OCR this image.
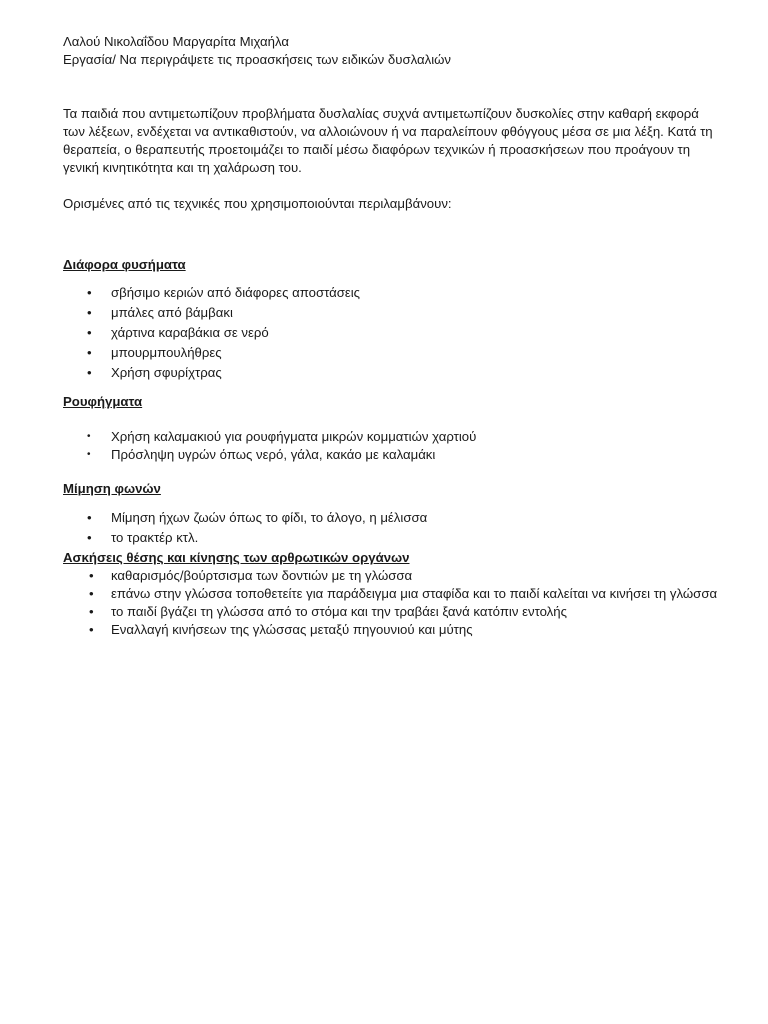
Λαλού Νικολαΐδου Μαργαρίτα Μιχαήλα

Εργασία/ Να περιγράψετε τις προασκήσεις των ειδικών δυσλαλιών

Τα παιδιά που αντιμετωπίζουν προβλήματα δυσλαλίας συχνά αντιμετωπίζουν δυσκολίες στην καθαρή εκφορά των λέξεων, ενδέχεται να αντικαθιστούν, να αλλοιώνουν ή να παραλείπουν φθόγγους μέσα σε μια λέξη. Κατά τη θεραπεία, ο θεραπευτής προετοιμάζει το παιδί μέσω διαφόρων τεχνικών ή προασκήσεων που προάγουν τη γενική κινητικότητα και τη χαλάρωση του.

Ορισμένες από τις τεχνικές που χρησιμοποιούνται περιλαμβάνουν:

Διάφορα φυσήματα

• σβήσιμο κεριών από διάφορες αποστάσεις
• μπάλες από βάμβακι
• χάρτινα καραβάκια σε νερό
• μπουρμπουλήθρες
• Χρήση σφυρίχτρας

Ρουφήγματα

• Χρήση καλαμακιού για ρουφήγματα μικρών κομματιών χαρτιού
• Πρόσληψη υγρών όπως νερό, γάλα, κακάο με καλαμάκι

Μίμηση φωνών

• Μίμηση ήχων ζωών όπως το φίδι, το άλογο, η μέλισσα
• το τρακτέρ κτλ.

Ασκήσεις θέσης και κίνησης των αρθρωτικών οργάνων

• καθαρισμός/βούρτσισμα των δοντιών με τη γλώσσα
• επάνω στην γλώσσα τοποθετείτε για παράδειγμα μια σταφίδα και το παιδί καλείται να κινήσει τη γλώσσα
• το παιδί βγάζει τη γλώσσα από το στόμα και την τραβάει ξανά κατόπιν εντολής
• Εναλλαγή κινήσεων της γλώσσας μεταξύ πηγουνιού και μύτης
